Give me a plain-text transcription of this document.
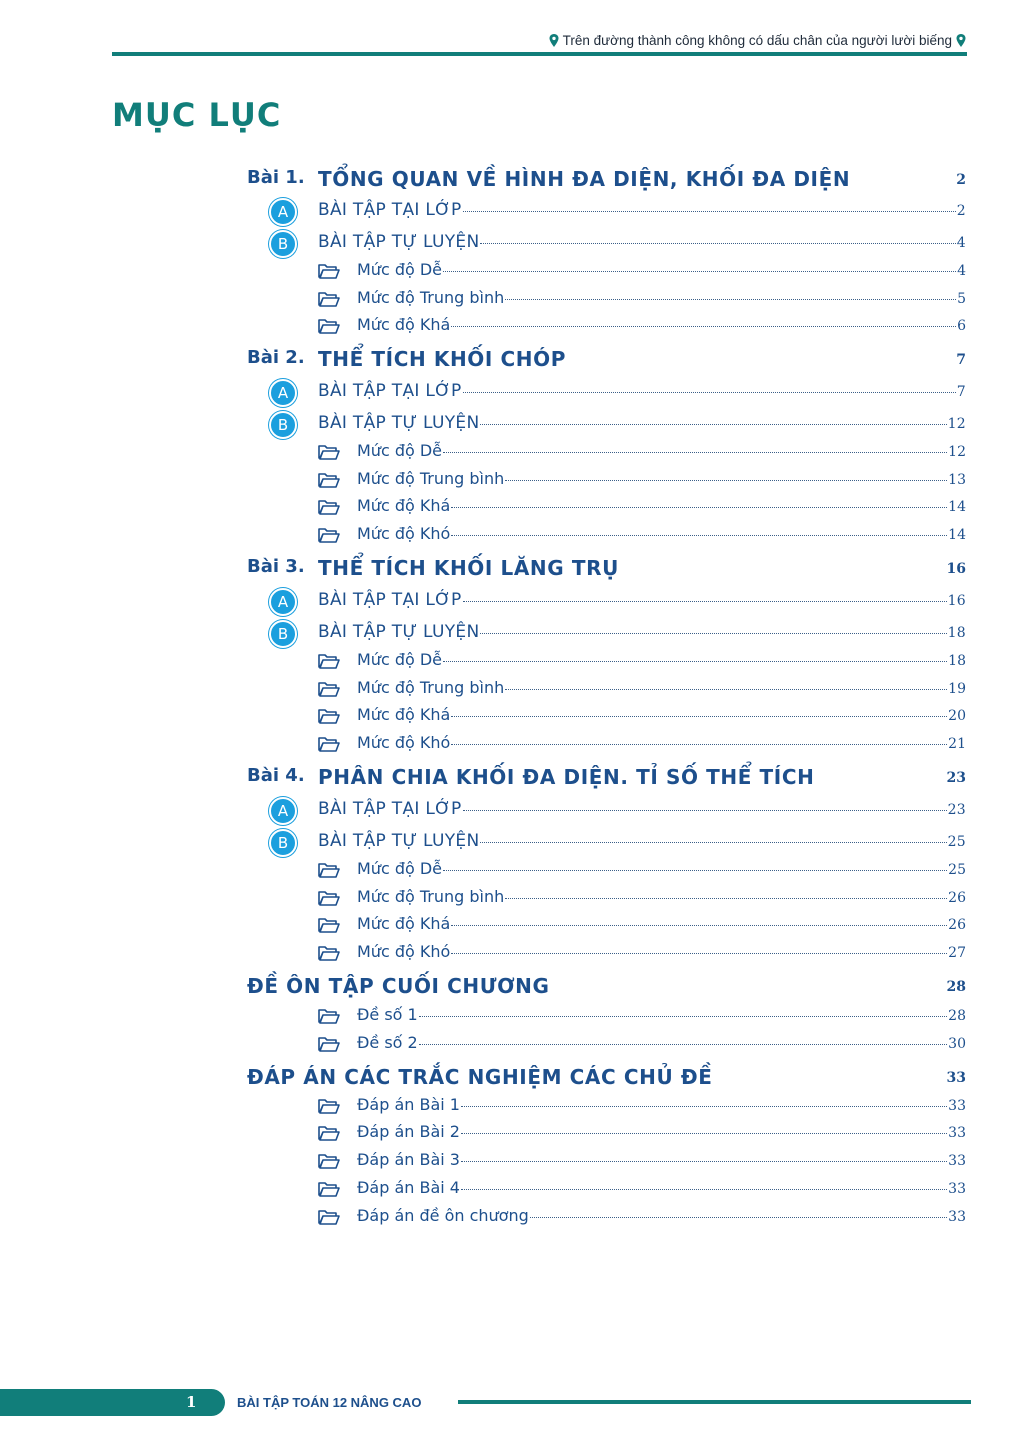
Trên đường thành công không có dấu chân của người lười biếng
MỤC LỤC
Bài 1. TỔNG QUAN VỀ HÌNH ĐA DIỆN, KHỐI ĐA DIỆN	2
A	BÀI TẬP TẠI LỚP	2
B	BÀI TẬP TỰ LUYỆN	4
Mức độ Dễ	4
Mức độ Trung bình	5
Mức độ Khá	6
Bài 2. THỂ TÍCH KHỐI CHÓP	7
A	BÀI TẬP TẠI LỚP	7
B	BÀI TẬP TỰ LUYỆN	12
Mức độ Dễ	12
Mức độ Trung bình	13
Mức độ Khá	14
Mức độ Khó	14
Bài 3. THỂ TÍCH KHỐI LĂNG TRỤ	16
A	BÀI TẬP TẠI LỚP	16
B	BÀI TẬP TỰ LUYỆN	18
Mức độ Dễ	18
Mức độ Trung bình	19
Mức độ Khá	20
Mức độ Khó	21
Bài 4. PHÂN CHIA KHỐI ĐA DIỆN. TỈ SỐ THỂ TÍCH	23
A	BÀI TẬP TẠI LỚP	23
B	BÀI TẬP TỰ LUYỆN	25
Mức độ Dễ	25
Mức độ Trung bình	26
Mức độ Khá	26
Mức độ Khó	27
ĐỀ ÔN TẬP CUỐI CHƯƠNG	28
Đề số 1	28
Đề số 2	30
ĐÁP ÁN CÁC TRẮC NGHIỆM CÁC CHỦ ĐỀ	33
Đáp án Bài 1	33
Đáp án Bài 2	33
Đáp án Bài 3	33
Đáp án Bài 4	33
Đáp án đề ôn chương	33
1	BÀI TẬP TOÁN 12 NÂNG CAO
